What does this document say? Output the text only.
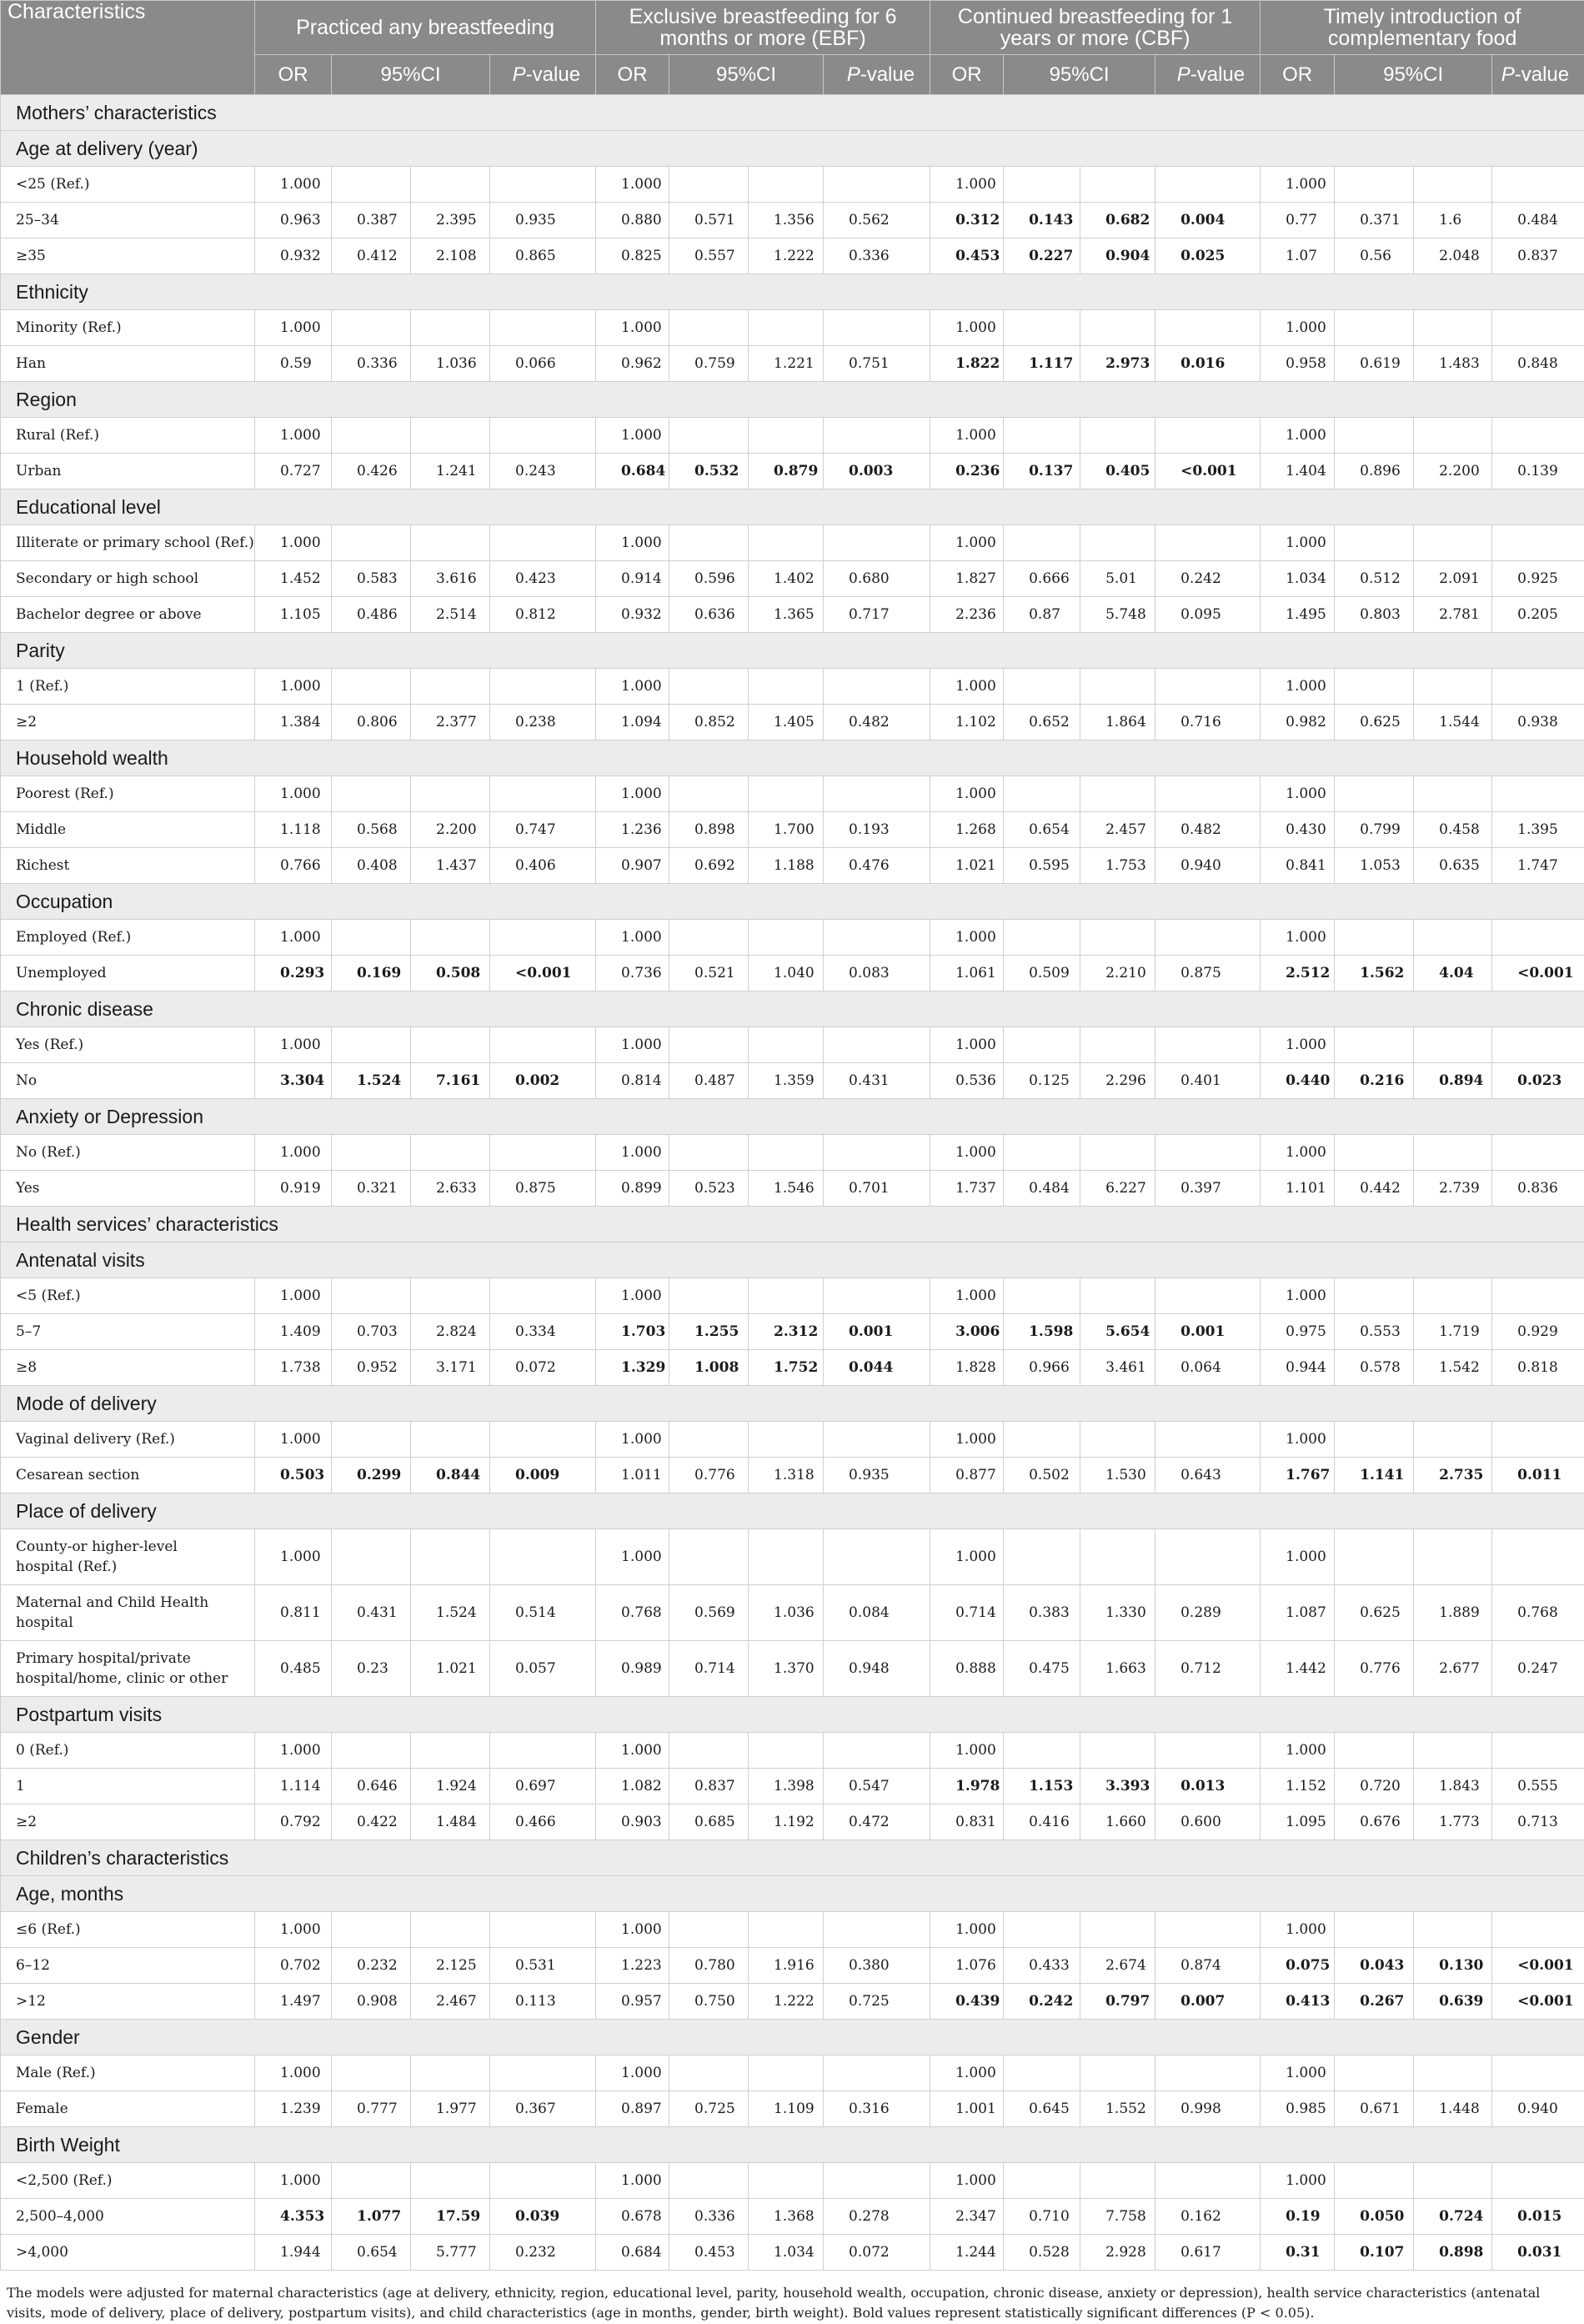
Characteristics	Practiced any breastfeeding				Exclusive breastfeeding for 6 months or more (EBF)				Continued breastfeeding for 1 years or more (CBF)				Timely introduction of complementary food			
	OR	95%CI		P-value	OR	95%CI		P-value	OR	95%CI		P-value	OR	95%CI		P-value
Mothers’ characteristics																
Age at delivery (year)																
<25 (Ref.)	1.000				1.000				1.000				1.000			
25–34	0.963	0.387	2.395	0.935	0.880	0.571	1.356	0.562	0.312	0.143	0.682	0.004	0.77	0.371	1.6	0.484
≥35	0.932	0.412	2.108	0.865	0.825	0.557	1.222	0.336	0.453	0.227	0.904	0.025	1.07	0.56	2.048	0.837
Ethnicity																
Minority (Ref.)	1.000				1.000				1.000				1.000			
Han	0.59	0.336	1.036	0.066	0.962	0.759	1.221	0.751	1.822	1.117	2.973	0.016	0.958	0.619	1.483	0.848
Region																
Rural (Ref.)	1.000				1.000				1.000				1.000			
Urban	0.727	0.426	1.241	0.243	0.684	0.532	0.879	0.003	0.236	0.137	0.405	<0.001	1.404	0.896	2.200	0.139
Educational level																
Illiterate or primary school (Ref.)	1.000				1.000				1.000				1.000			
Secondary or high school	1.452	0.583	3.616	0.423	0.914	0.596	1.402	0.680	1.827	0.666	5.01	0.242	1.034	0.512	2.091	0.925
Bachelor degree or above	1.105	0.486	2.514	0.812	0.932	0.636	1.365	0.717	2.236	0.87	5.748	0.095	1.495	0.803	2.781	0.205
Parity																
1 (Ref.)	1.000				1.000				1.000				1.000			
≥2	1.384	0.806	2.377	0.238	1.094	0.852	1.405	0.482	1.102	0.652	1.864	0.716	0.982	0.625	1.544	0.938
Household wealth																
Poorest (Ref.)	1.000				1.000				1.000				1.000			
Middle	1.118	0.568	2.200	0.747	1.236	0.898	1.700	0.193	1.268	0.654	2.457	0.482	0.430	0.799	0.458	1.395
Richest	0.766	0.408	1.437	0.406	0.907	0.692	1.188	0.476	1.021	0.595	1.753	0.940	0.841	1.053	0.635	1.747
Occupation																
Employed (Ref.)	1.000				1.000				1.000				1.000			
Unemployed	0.293	0.169	0.508	<0.001	0.736	0.521	1.040	0.083	1.061	0.509	2.210	0.875	2.512	1.562	4.04	<0.001
Chronic disease																
Yes (Ref.)	1.000				1.000				1.000				1.000			
No	3.304	1.524	7.161	0.002	0.814	0.487	1.359	0.431	0.536	0.125	2.296	0.401	0.440	0.216	0.894	0.023
Anxiety or Depression																
No (Ref.)	1.000				1.000				1.000				1.000			
Yes	0.919	0.321	2.633	0.875	0.899	0.523	1.546	0.701	1.737	0.484	6.227	0.397	1.101	0.442	2.739	0.836
Health services’ characteristics																
Antenatal visits																
<5 (Ref.)	1.000				1.000				1.000				1.000			
5–7	1.409	0.703	2.824	0.334	1.703	1.255	2.312	0.001	3.006	1.598	5.654	0.001	0.975	0.553	1.719	0.929
≥8	1.738	0.952	3.171	0.072	1.329	1.008	1.752	0.044	1.828	0.966	3.461	0.064	0.944	0.578	1.542	0.818
Mode of delivery																
Vaginal delivery (Ref.)	1.000				1.000				1.000				1.000			
Cesarean section	0.503	0.299	0.844	0.009	1.011	0.776	1.318	0.935	0.877	0.502	1.530	0.643	1.767	1.141	2.735	0.011
Place of delivery																
County-or higher-level hospital (Ref.)	1.000				1.000				1.000				1.000			
Maternal and Child Health hospital	0.811	0.431	1.524	0.514	0.768	0.569	1.036	0.084	0.714	0.383	1.330	0.289	1.087	0.625	1.889	0.768
Primary hospital/private hospital/home, clinic or other	0.485	0.23	1.021	0.057	0.989	0.714	1.370	0.948	0.888	0.475	1.663	0.712	1.442	0.776	2.677	0.247
Postpartum visits																
0 (Ref.)	1.000				1.000				1.000				1.000			
1	1.114	0.646	1.924	0.697	1.082	0.837	1.398	0.547	1.978	1.153	3.393	0.013	1.152	0.720	1.843	0.555
≥2	0.792	0.422	1.484	0.466	0.903	0.685	1.192	0.472	0.831	0.416	1.660	0.600	1.095	0.676	1.773	0.713
Children’s characteristics																
Age, months																
≤6 (Ref.)	1.000				1.000				1.000				1.000			
6–12	0.702	0.232	2.125	0.531	1.223	0.780	1.916	0.380	1.076	0.433	2.674	0.874	0.075	0.043	0.130	<0.001
>12	1.497	0.908	2.467	0.113	0.957	0.750	1.222	0.725	0.439	0.242	0.797	0.007	0.413	0.267	0.639	<0.001
Gender																
Male (Ref.)	1.000				1.000				1.000				1.000			
Female	1.239	0.777	1.977	0.367	0.897	0.725	1.109	0.316	1.001	0.645	1.552	0.998	0.985	0.671	1.448	0.940
Birth Weight																
<2,500 (Ref.)	1.000				1.000				1.000				1.000			
2,500–4,000	4.353	1.077	17.59	0.039	0.678	0.336	1.368	0.278	2.347	0.710	7.758	0.162	0.19	0.050	0.724	0.015
>4,000	1.944	0.654	5.777	0.232	0.684	0.453	1.034	0.072	1.244	0.528	2.928	0.617	0.31	0.107	0.898	0.031
The models were adjusted for maternal characteristics (age at delivery, ethnicity, region, educational level, parity, household wealth, occupation, chronic disease, anxiety or depression), health service characteristics (antenatal visits, mode of delivery, place of delivery, postpartum visits), and child characteristics (age in months, gender, birth weight). Bold values represent statistically significant differences (P < 0.05).
